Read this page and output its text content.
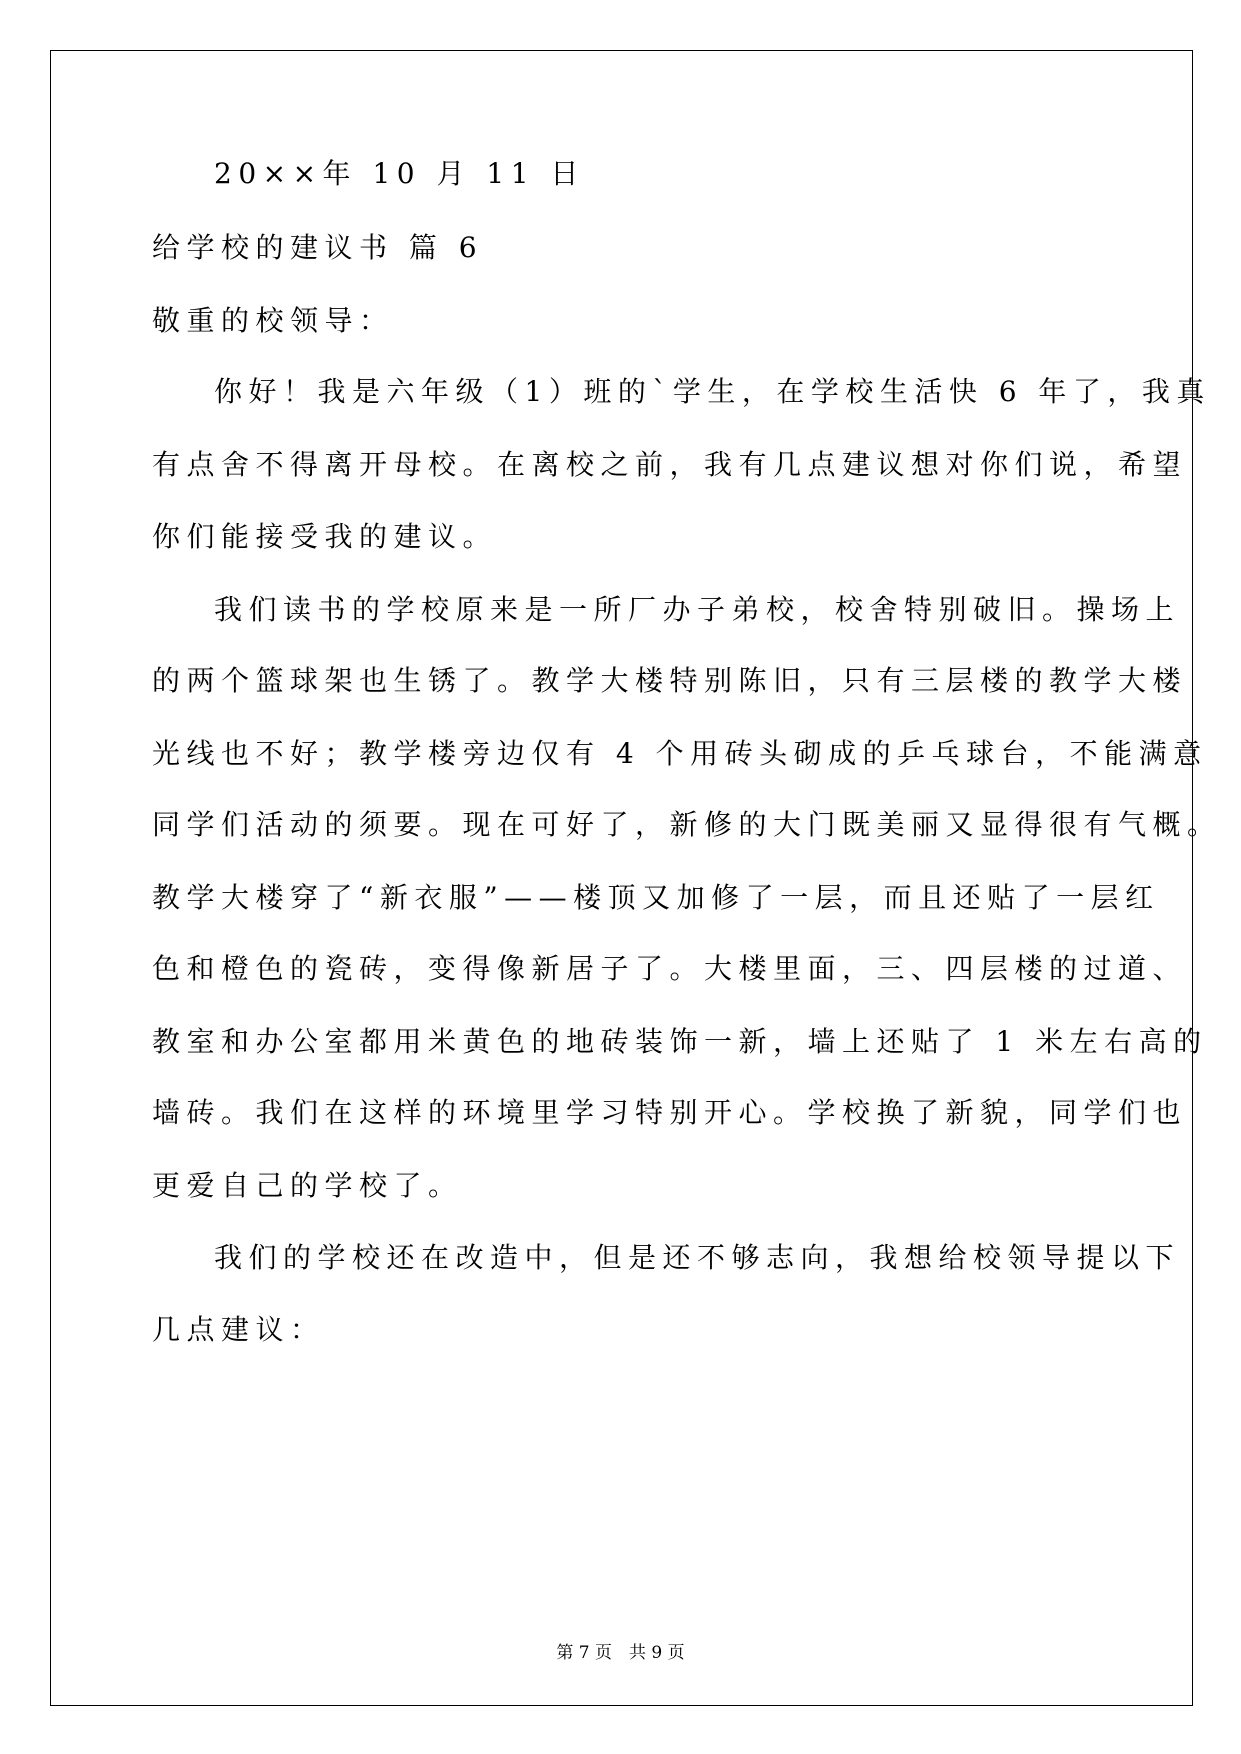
20××年 10 月 11 日
给学校的建议书 篇 6
敬重的校领导：
你好！我是六年级（1）班的`学生，在学校生活快 6 年了，我真
有点舍不得离开母校。在离校之前，我有几点建议想对你们说，希望
你们能接受我的建议。
我们读书的学校原来是一所厂办子弟校，校舍特别破旧。操场上
的两个篮球架也生锈了。教学大楼特别陈旧，只有三层楼的教学大楼
光线也不好；教学楼旁边仅有 4 个用砖头砌成的乒乓球台，不能满意
同学们活动的须要。现在可好了，新修的大门既美丽又显得很有气概。
教学大楼穿了“新衣服”——楼顶又加修了一层，而且还贴了一层红
色和橙色的瓷砖，变得像新居子了。大楼里面，三、四层楼的过道、
教室和办公室都用米黄色的地砖装饰一新，墙上还贴了 1 米左右高的
墙砖。我们在这样的环境里学习特别开心。学校换了新貌，同学们也
更爱自己的学校了。
我们的学校还在改造中，但是还不够志向，我想给校领导提以下
几点建议：
第 7 页　共 9 页
